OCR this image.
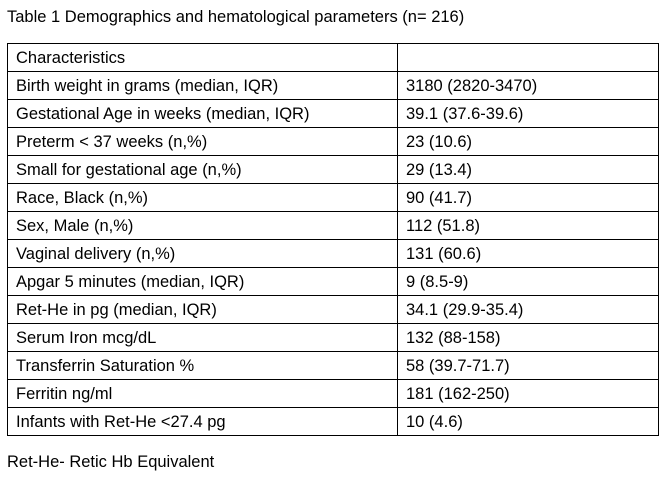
Table 1 Demographics and hematological parameters (n= 216)
Characteristics	
Birth weight in grams (median, IQR)	3180 (2820-3470)
Gestational Age in weeks (median, IQR)	39.1 (37.6-39.6)
Preterm < 37 weeks (n,%)	23 (10.6)
Small for gestational age (n,%)	29 (13.4)
Race, Black (n,%)	90 (41.7)
Sex, Male (n,%)	112 (51.8)
Vaginal delivery (n,%)	131 (60.6)
Apgar 5 minutes (median, IQR)	9 (8.5-9)
Ret-He in pg (median, IQR)	34.1 (29.9-35.4)
Serum Iron mcg/dL	132 (88-158)
Transferrin Saturation %	58 (39.7-71.7)
Ferritin ng/ml	181 (162-250)
Infants with Ret-He <27.4 pg	10 (4.6)
Ret-He- Retic Hb Equivalent
